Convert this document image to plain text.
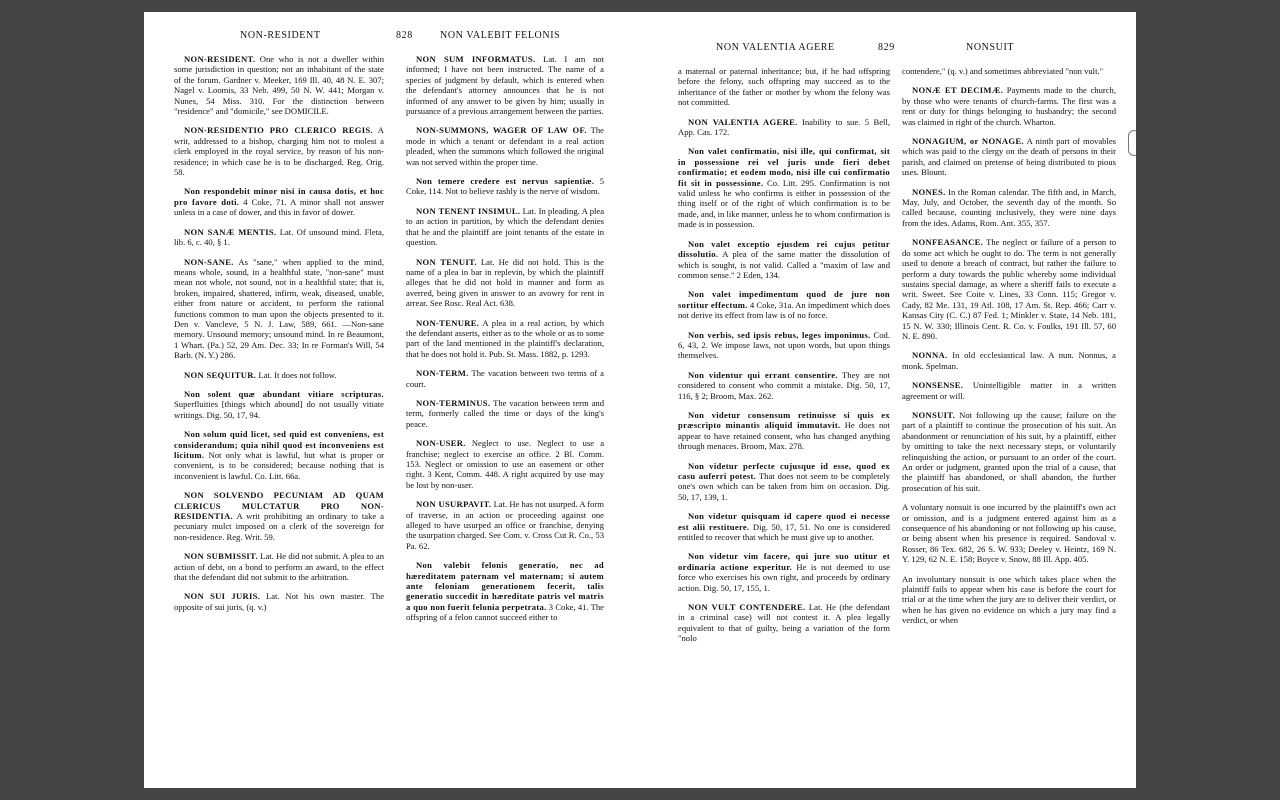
NON-RESIDENT	828	NON VALEBIT FELONIS

NON-RESIDENT. One who is not a dweller within some jurisdiction in question; not an inhabitant of the state of the forum. Gardner v. Meeker, 169 Ill. 40, 48 N. E. 307; Nagel v. Loomis, 33 Neb. 499, 50 N. W. 441; Morgan v. Nunes, 54 Miss. 310. For the distinction between "residence" and "domicile," see DOMICILE.

NON-RESIDENTIO PRO CLERICO REGIS. A writ, addressed to a bishop, charging him not to molest a clerk employed in the royal service, by reason of his non-residence; in which case he is to be discharged. Reg. Orig. 58.

Non respondebit minor nisi in causa dotis, et hoc pro favore doti. 4 Coke, 71. A minor shall not answer unless in a case of dower, and this in favor of dower.

NON SANÆ MENTIS. Lat. Of unsound mind. Fleta, lib. 6, c. 40, § 1.

NON-SANE. As "sane," when applied to the mind, means whole, sound, in a healthful state, "non-sane" must mean not whole, not sound, not in a healthful state; that is, broken, impaired, shattered, infirm, weak, diseased, unable, either from nature or accident, to perform the rational functions common to man upon the objects presented to it. Den v. Vancleve, 5 N. J. Law, 589, 661. —Non-sane memory. Unsound memory; unsound mind. In re Beaumont, 1 Whart. (Pa.) 52, 29 Am. Dec. 33; In re Forman's Will, 54 Barb. (N. Y.) 286.

NON SEQUITUR. Lat. It does not follow.

Non solent quæ abundant vitiare scripturas. Superfluities [things which abound] do not usually vitiate writings. Dig. 50, 17, 94.

Non solum quid licet, sed quid est conveniens, est considerandum; quia nihil quod est inconveniens est licitum. Not only what is lawful, but what is proper or convenient, is to be considered; because nothing that is inconvenient is lawful. Co. Litt. 66a.

NON SOLVENDO PECUNIAM AD QUAM CLERICUS MULCTATUR PRO NON-RESIDENTIA. A writ prohibiting an ordinary to take a pecuniary mulct imposed on a clerk of the sovereign for non-residence. Reg. Writ. 59.

NON SUBMISSIT. Lat. He did not submit. A plea to an action of debt, on a bond to perform an award, to the effect that the defendant did not submit to the arbitration.

NON SUI JURIS. Lat. Not his own master. The opposite of sui juris, (q. v.)

NON SUM INFORMATUS. Lat. I am not informed; I have not been instructed. The name of a species of judgment by default, which is entered when the defendant's attorney announces that he is not informed of any answer to be given by him; usually in pursuance of a previous arrangement between the parties.

NON-SUMMONS, WAGER OF LAW OF. The mode in which a tenant or defendant in a real action pleaded, when the summons which followed the original was not served within the proper time.

Non temere credere est nervus sapientiæ. 5 Coke, 114. Not to believe rashly is the nerve of wisdom.

NON TENENT INSIMUL. Lat. In pleading. A plea to an action in partition, by which the defendant denies that he and the plaintiff are joint tenants of the estate in question.

NON TENUIT. Lat. He did not hold. This is the name of a plea in bar in replevin, by which the plaintiff alleges that he did not hold in manner and form as averred, being given in answer to an avowry for rent in arrear. See Rosc. Real Act. 638.

NON-TENURE. A plea in a real action, by which the defendant asserts, either as to the whole or as to some part of the land mentioned in the plaintiff's declaration, that he does not hold it. Pub. St. Mass. 1882, p. 1293.

NON-TERM. The vacation between two terms of a court.

NON-TERMINUS. The vacation between term and term, formerly called the time or days of the king's peace.

NON-USER. Neglect to use. Neglect to use a franchise; neglect to exercise an office. 2 Bl. Comm. 153. Neglect or omission to use an easement or other right. 3 Kent, Comm. 448. A right acquired by use may be lost by non-user.

NON USURPAVIT. Lat. He has not usurped. A form of traverse, in an action or proceeding against one alleged to have usurped an office or franchise, denying the usurpation charged. See Com. v. Cross Cut R. Co., 53 Pa. 62.

Non valebit felonis generatio, nec ad hæreditatem paternam vel maternam; si autem ante feloniam generationem fecerit, talis generatio succedit in hæreditate patris vel matris a quo non fuerit felonia perpetrata. 3 Coke, 41. The offspring of a felon cannot succeed either to

NON VALENTIA AGERE	829	NONSUIT

a maternal or paternal inheritance; but, if he had offspring before the felony, such offspring may succeed as to the inheritance of the father or mother by whom the felony was not committed.

NON VALENTIA AGERE. Inability to sue. 5 Bell, App. Cas. 172.

Non valet confirmatio, nisi ille, qui confirmat, sit in possessione rei vel juris unde fieri debet confirmatio; et eodem modo, nisi ille cui confirmatio fit sit in possessione. Co. Litt. 295. Confirmation is not valid unless he who confirms is either in possession of the thing itself or of the right of which confirmation is to be made, and, in like manner, unless he to whom confirmation is made is in possession.

Non valet exceptio ejusdem rei cujus petitur dissolutio. A plea of the same matter the dissolution of which is sought, is not valid. Called a "maxim of law and common sense." 2 Eden, 134.

Non valet impedimentum quod de jure non sortitur effectum. 4 Coke, 31a. An impediment which does not derive its effect from law is of no force.

Non verbis, sed ipsis rebus, leges imponimus. Cod. 6, 43, 2. We impose laws, not upon words, but upon things themselves.

Non videntur qui errant consentire. They are not considered to consent who commit a mistake. Dig. 50, 17, 116, § 2; Broom, Max. 262.

Non videtur consensum retinuisse si quis ex præscripto minantis aliquid immutavit. He does not appear to have retained consent, who has changed anything through menaces. Broom, Max. 278.

Non videtur perfecte cujusque id esse, quod ex casu auferri potest. That does not seem to be completely one's own which can be taken from him on occasion. Dig. 50, 17, 139, 1.

Non videtur quisquam id capere quod ei necesse est alii restituere. Dig. 50, 17, 51. No one is considered entitled to recover that which he must give up to another.

Non videtur vim facere, qui jure suo utitur et ordinaria actione experitur. He is not deemed to use force who exercises his own right, and proceeds by ordinary action. Dig. 50, 17, 155, 1.

NON VULT CONTENDERE. Lat. He (the defendant in a criminal case) will not contest it. A plea legally equivalent to that of guilty, being a variation of the form "nolo

contendere," (q. v.) and sometimes abbreviated "non vult."

NONÆ ET DECIMÆ. Payments made to the church, by those who were tenants of church-farms. The first was a rent or duty for things belonging to husbandry; the second was claimed in right of the church. Wharton.

NONAGIUM, or NONAGE. A ninth part of movables which was paid to the clergy on the death of persons in their parish, and claimed on pretense of being distributed to pious uses. Blount.

NONES. In the Roman calendar. The fifth and, in March, May, July, and October, the seventh day of the month. So called because, counting inclusively, they were nine days from the ides. Adams, Rom. Ant. 355, 357.

NONFEASANCE. The neglect or failure of a person to do some act which he ought to do. The term is not generally used to denote a breach of contract, but rather the failure to perform a duty towards the public whereby some individual sustains special damage, as where a sheriff fails to execute a writ. Sweet. See Coite v. Lines, 33 Conn. 115; Gregor v. Cady, 82 Me. 131, 19 Atl. 108, 17 Am. St. Rep. 466; Carr v. Kansas City (C. C.) 87 Fed. 1; Minkler v. State, 14 Neb. 181, 15 N. W. 330; Illinois Cent. R. Co. v. Foulks, 191 Ill. 57, 60 N. E. 890.

NONNA. In old ecclesiastical law. A nun. Nonnus, a monk. Spelman.

NONSENSE. Unintelligible matter in a written agreement or will.

NONSUIT. Not following up the cause; failure on the part of a plaintiff to continue the prosecution of his suit. An abandonment or renunciation of his suit, by a plaintiff, either by omitting to take the next necessary steps, or voluntarily relinquishing the action, or pursuant to an order of the court. An order or judgment, granted upon the trial of a cause, that the plaintiff has abandoned, or shall abandon, the further prosecution of his suit.

A voluntary nonsuit is one incurred by the plaintiff's own act or omission, and is a judgment entered against him as a consequence of his abandoning or not following up his cause, or being absent when his presence is required. Sandoval v. Rosser, 86 Tex. 682, 26 S. W. 933; Deeley v. Heintz, 169 N. Y. 129, 62 N. E. 158; Boyce v. Snow, 88 Ill. App. 405.

An involuntary nonsuit is one which takes place when the plaintiff fails to appear when his case is before the court for trial or at the time when the jury are to deliver their verdict, or when he has given no evidence on which a jury may find a verdict, or when
